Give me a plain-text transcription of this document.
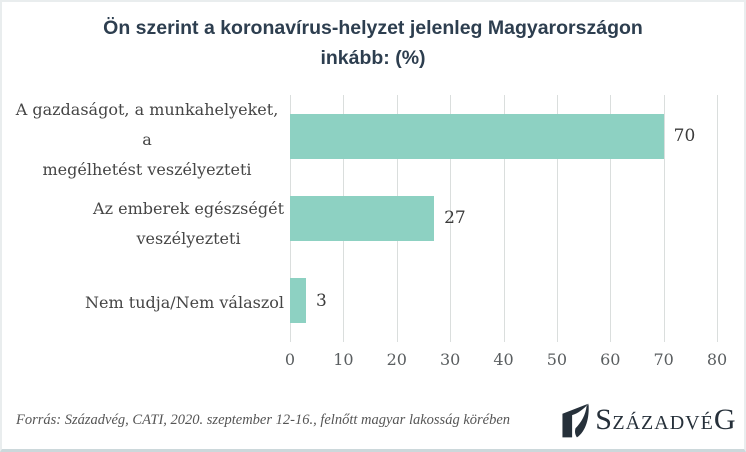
Ön szerint a koronavírus-helyzet jelenleg Magyarországon inkább: (%)
A gazdaságot, a munkahelyeket, a
megélhetést veszélyezteti
Az emberek egészségét
veszélyezteti
Nem tudja/Nem válaszol
70
27
3
0 10 20 30 40 50 60 70 80
Forrás: Századvég, CATI, 2020. szeptember 12-16., felnőtt magyar lakosság körében	SZÁZADVÉG
